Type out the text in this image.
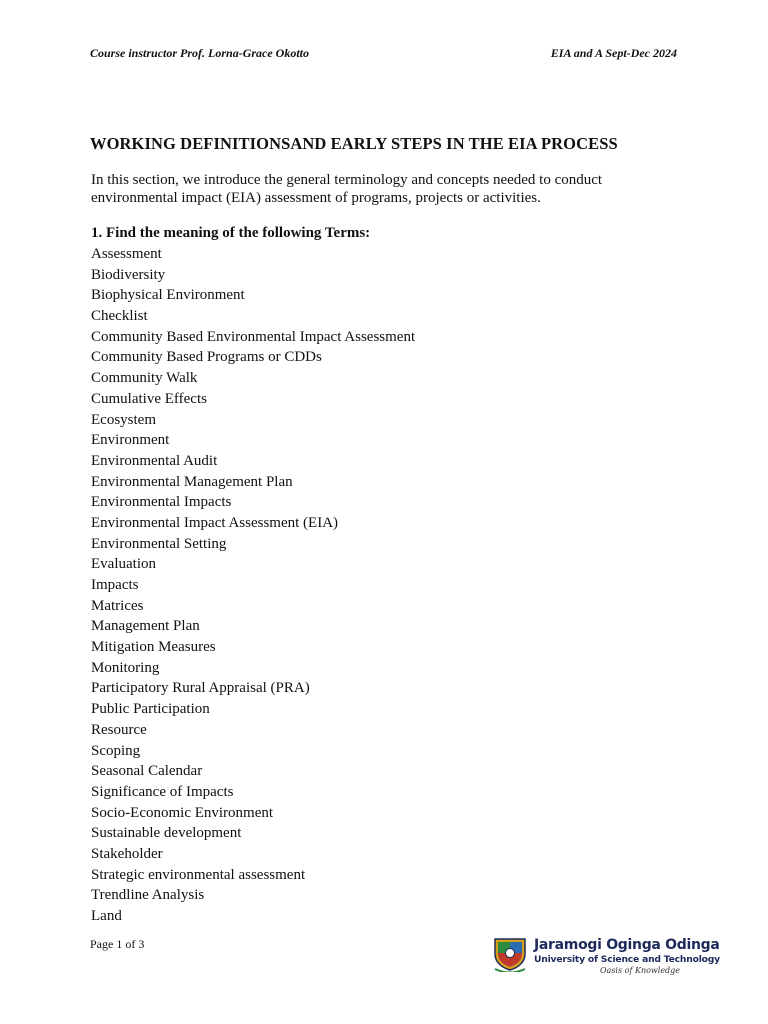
Course instructor Prof. Lorna-Grace Okotto	EIA and A Sept-Dec 2024
WORKING DEFINITIONSAND EARLY STEPS IN THE EIA PROCESS

In this section, we introduce the general terminology and concepts needed to conduct environmental impact (EIA) assessment of programs, projects or activities.

1. Find the meaning of the following Terms:

Assessment
Biodiversity
Biophysical Environment
Checklist
Community Based Environmental Impact Assessment
Community Based Programs or CDDs
Community Walk
Cumulative Effects
Ecosystem
Environment
Environmental Audit
Environmental Management Plan
Environmental Impacts
Environmental Impact Assessment (EIA)
Environmental Setting
Evaluation
Impacts
Matrices
Management Plan
Mitigation Measures
Monitoring
Participatory Rural Appraisal (PRA)
Public Participation
Resource
Scoping
Seasonal Calendar
Significance of Impacts
Socio-Economic Environment
Sustainable development
Stakeholder
Strategic environmental assessment
Trendline Analysis
Land
Page 1 of 3	Jaramogi Oginga Odinga
University of Science and Technology
Oasis of Knowledge
